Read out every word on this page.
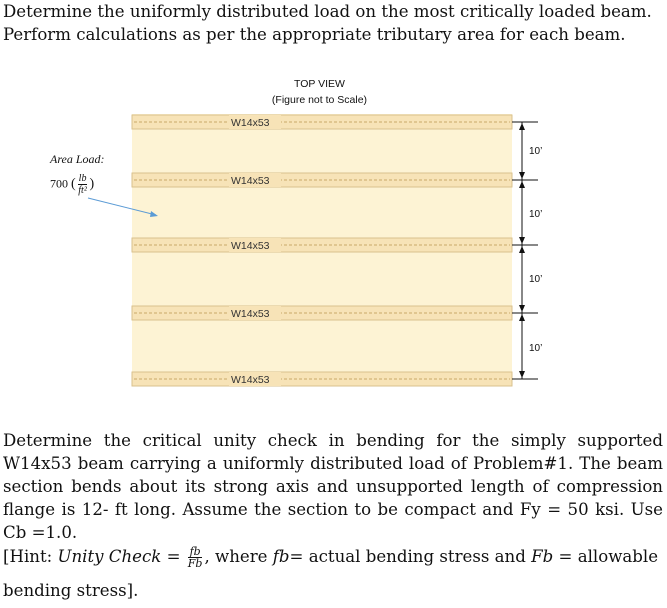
Determine the uniformly distributed load on the most critically loaded beam.
Perform calculations as per the appropriate tributary area for each beam.
TOP VIEW
(Figure not to Scale)
Area Load:
700 ( $\frac{lb}{\text{ft²}}$ )
W14x53
W14x53
W14x53
W14x53
W14x53
10’
10’
10’
10’

Determine the critical unity check in bending for the simply supported W14x53 beam carrying a uniformly distributed load of Problem#1. The beam section bends about its strong axis and unsupported length of compression flange is 12- ft long. Assume the section to be compact and Fy = 50 ksi. Use Cb =1.0.

[Hint: Unity Check = $\frac{fb}{Fb}$ , where fb= actual bending stress and Fb = allowable
bending stress].
